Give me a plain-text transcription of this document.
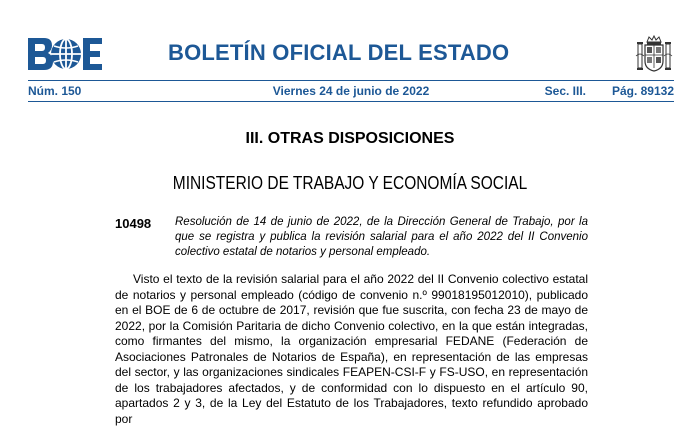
BOLETÍN OFICIAL DEL ESTADO
Núm. 150	Viernes 24 de junio de 2022	Sec. III. Pág. 89132
III. OTRAS DISPOSICIONES
MINISTERIO DE TRABAJO Y ECONOMÍA SOCIAL
10498 Resolución de 14 de junio de 2022, de la Dirección General de Trabajo, por la que se registra y publica la revisión salarial para el año 2022 del II Convenio colectivo estatal de notarios y personal empleado.
Visto el texto de la revisión salarial para el año 2022 del II Convenio colectivo estatal de notarios y personal empleado (código de convenio n.º 99018195012010), publicado en el BOE de 6 de octubre de 2017, revisión que fue suscrita, con fecha 23 de mayo de 2022, por la Comisión Paritaria de dicho Convenio colectivo, en la que están integradas, como firmantes del mismo, la organización empresarial FEDANE (Federación de Asociaciones Patronales de Notarios de España), en representación de las empresas del sector, y las organizaciones sindicales FEAPEN-CSI-F y FS-USO, en representación de los trabajadores afectados, y de conformidad con lo dispuesto en el artículo 90, apartados 2 y 3, de la Ley del Estatuto de los Trabajadores, texto refundido aprobado por
